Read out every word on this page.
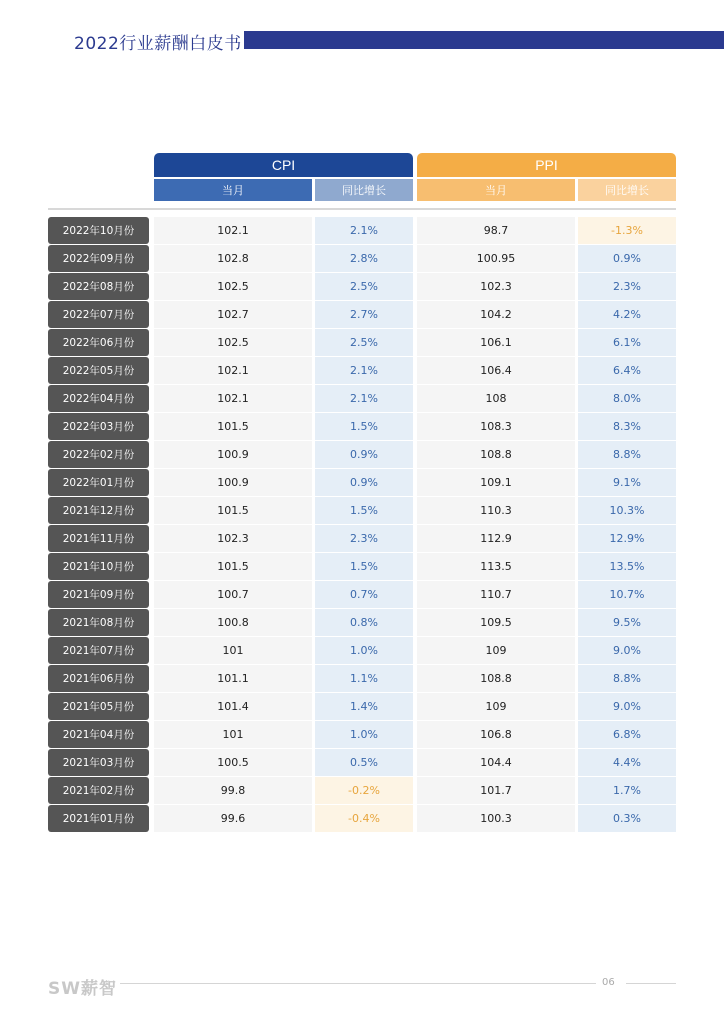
2022行业薪酬白皮书
CPI	PPI
当月	同比增长	当月	同比增长
2022年10月份	102.1	2.1%	98.7	-1.3%
2022年09月份	102.8	2.8%	100.95	0.9%
2022年08月份	102.5	2.5%	102.3	2.3%
2022年07月份	102.7	2.7%	104.2	4.2%
2022年06月份	102.5	2.5%	106.1	6.1%
2022年05月份	102.1	2.1%	106.4	6.4%
2022年04月份	102.1	2.1%	108	8.0%
2022年03月份	101.5	1.5%	108.3	8.3%
2022年02月份	100.9	0.9%	108.8	8.8%
2022年01月份	100.9	0.9%	109.1	9.1%
2021年12月份	101.5	1.5%	110.3	10.3%
2021年11月份	102.3	2.3%	112.9	12.9%
2021年10月份	101.5	1.5%	113.5	13.5%
2021年09月份	100.7	0.7%	110.7	10.7%
2021年08月份	100.8	0.8%	109.5	9.5%
2021年07月份	101	1.0%	109	9.0%
2021年06月份	101.1	1.1%	108.8	8.8%
2021年05月份	101.4	1.4%	109	9.0%
2021年04月份	101	1.0%	106.8	6.8%
2021年03月份	100.5	0.5%	104.4	4.4%
2021年02月份	99.8	-0.2%	101.7	1.7%
2021年01月份	99.6	-0.4%	100.3	0.3%
SW薪智	06
